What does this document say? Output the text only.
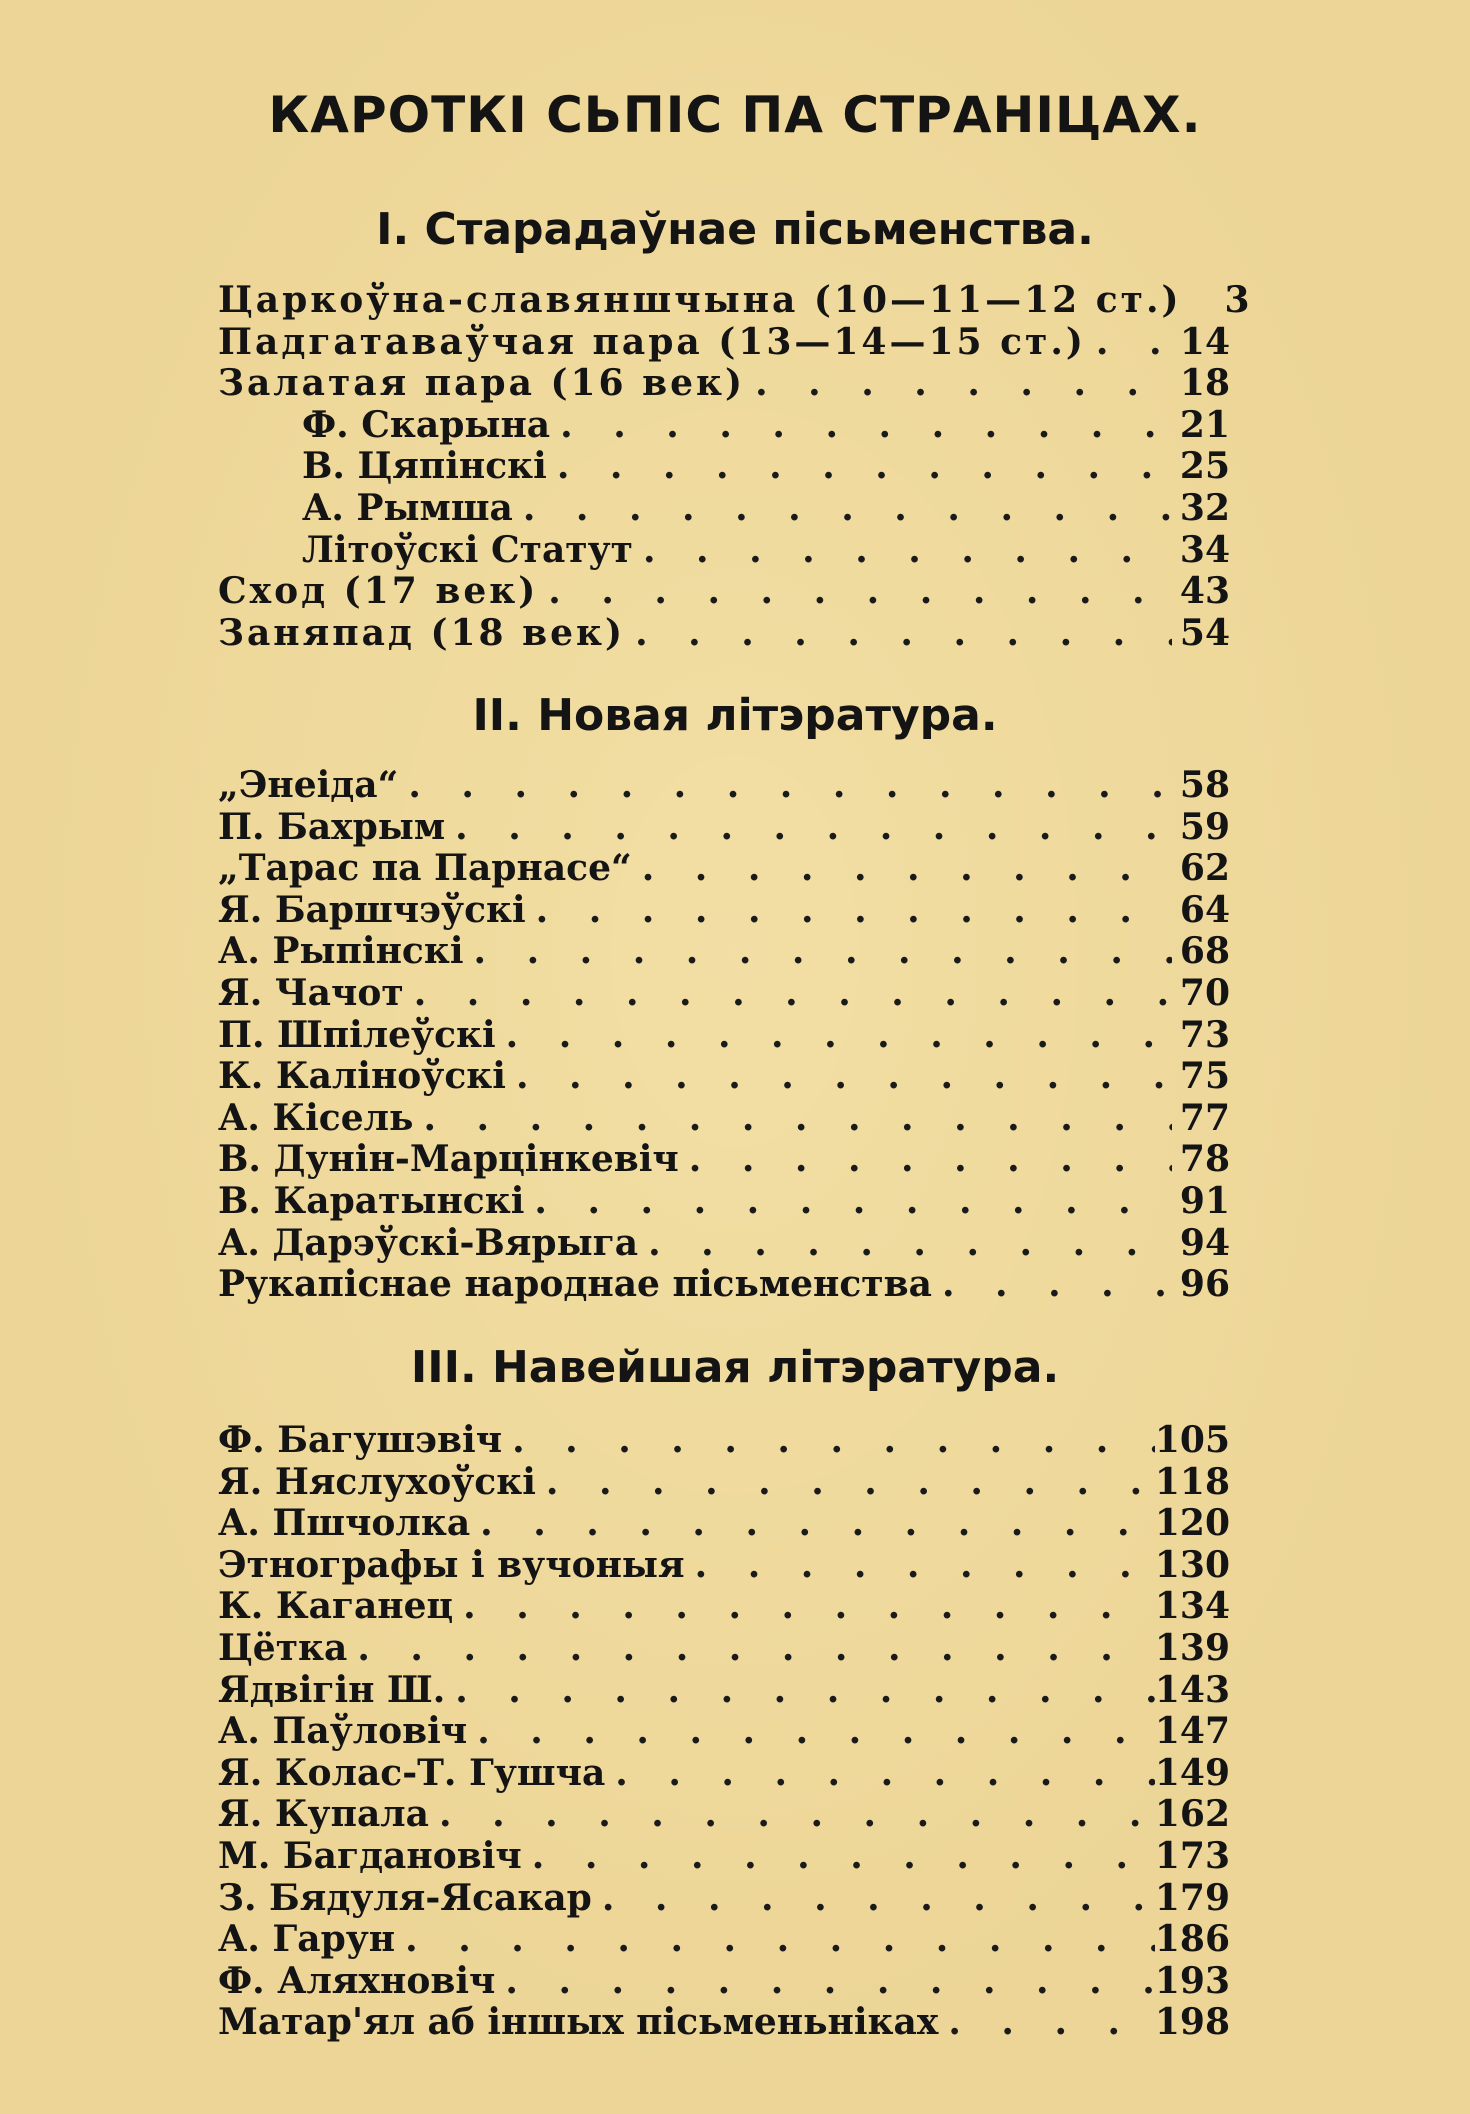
КАРОТКІ СЬПІС ПА СТРАНІЦАХ.
I. Старадаўнае пісьменства.
Царкоўна-славяншчына (10—11—12 ст.) . . .	3
Падгатаваўчая пара (13—14—15 ст.) . . .	14
Залатая пара (16 век) . . .	18
Ф. Скарына . . .	21
В. Цяпінскі . . .	25
А. Рымша . . .	32
Літоўскі Статут . . .	34
Сход (17 век) . . .	43
Заняпад (18 век) . . .	54
II. Новая літэратура.
„Энеіда“ . . .	58
П. Бахрым . . .	59
„Тарас па Парнасе“ . . .	62
Я. Баршчэўскі . . .	64
А. Рыпінскі . . .	68
Я. Чачот . . .	70
П. Шпілеўскі . . .	73
К. Каліноўскі . . .	75
А. Кісель . . .	77
В. Дунін-Марцінкевіч . . .	78
В. Каратынскі . . .	91
А. Дарэўскі-Вярыга . . .	94
Рукапіснае народнае пісьменства . . .	96
III. Навейшая літэратура.
Ф. Багушэвіч . . .	105
Я. Няслухоўскі . . .	118
А. Пшчолка . . .	120
Этнографы і вучоныя . . .	130
К. Каганец . . .	134
Цётка . . .	139
Ядвігін Ш. . . .	143
А. Паўловіч . . .	147
Я. Колас-Т. Гушча . . .	149
Я. Купала . . .	162
М. Багдановіч . . .	173
З. Бядуля-Ясакар . . .	179
А. Гарун . . .	186
Ф. Аляхновіч . . .	193
Матар'ял аб іншых пісьменьніках . . .	198
